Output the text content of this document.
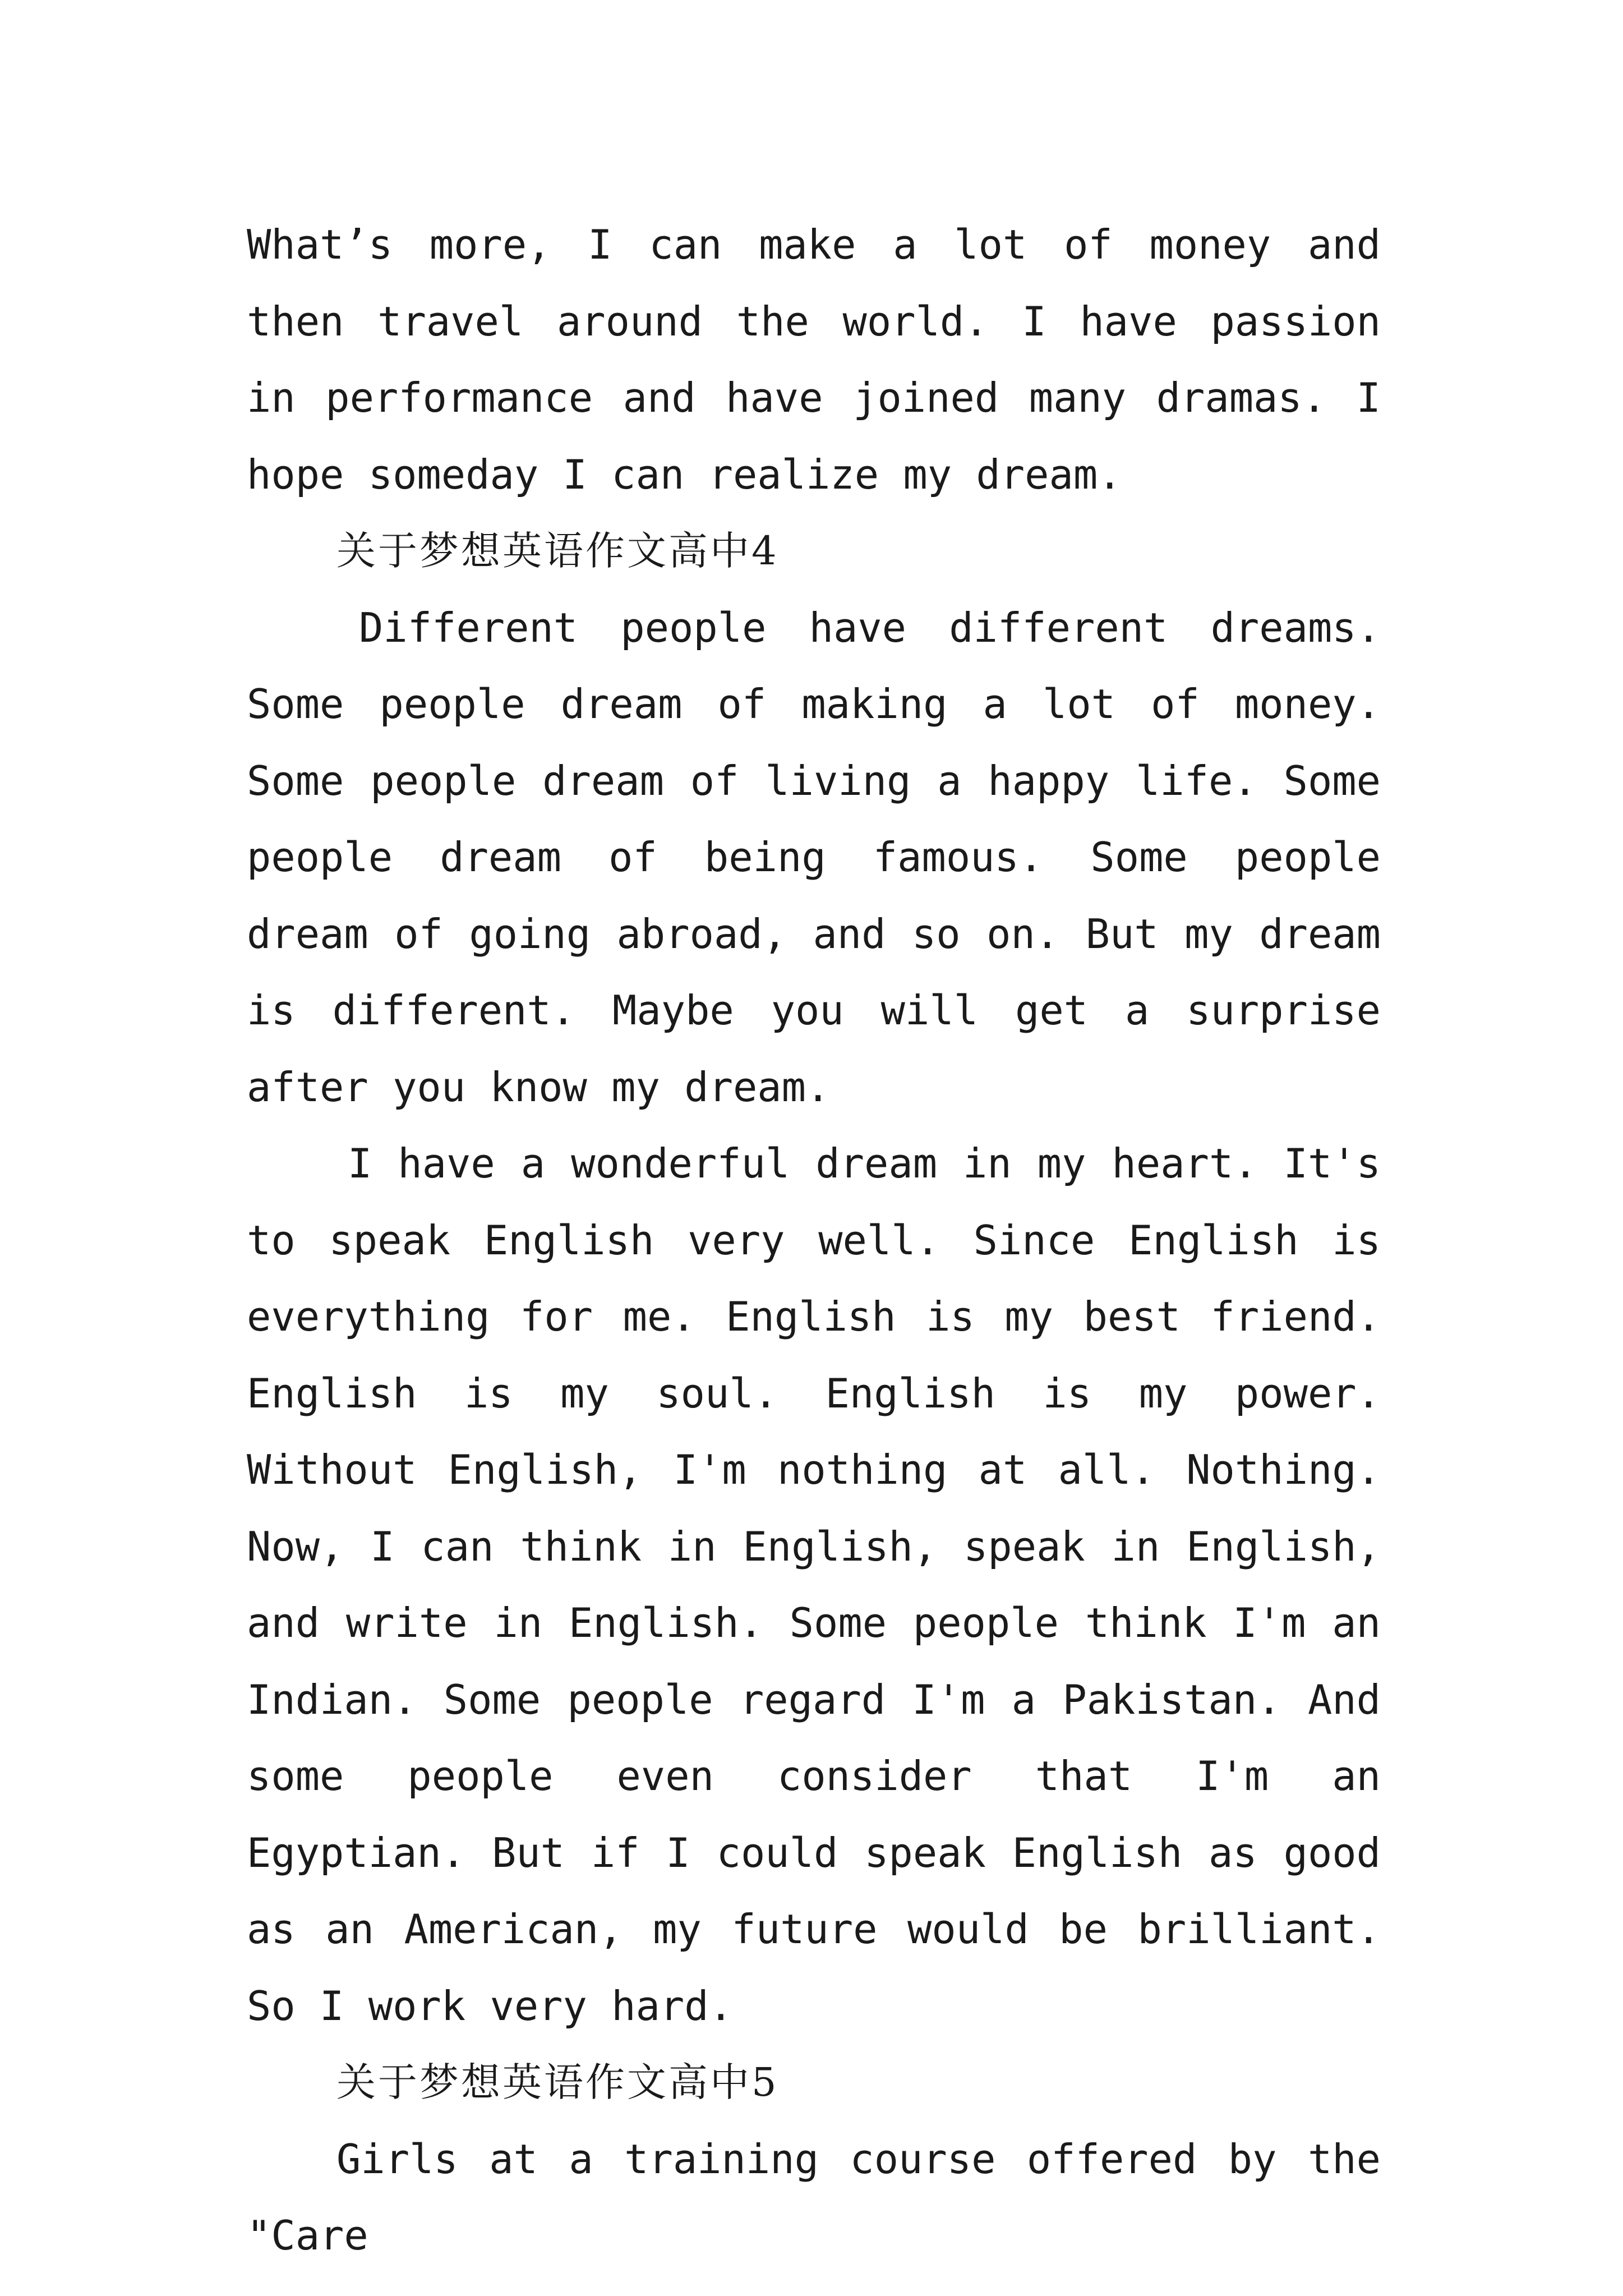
What’s more, I can make a lot of money and then travel around the world. I have passion in performance and have joined many dramas. I hope someday I can realize my dream.

关于梦想英语作文高中4

Different people have different dreams. Some people dream of making a lot of money. Some people dream of living a happy life. Some people dream of being famous. Some people dream of going abroad, and so on. But my dream is different. Maybe you will get a surprise after you know my dream.

I have a wonderful dream in my heart. It's to speak English very well. Since English is everything for me. English is my best friend. English is my soul. English is my power. Without English, I'm nothing at all. Nothing. Now, I can think in English, speak in English, and write in English. Some people think I'm an Indian. Some people regard I'm a Pakistan. And some people even consider that I'm an Egyptian. But if I could speak English as good as an American, my future would be brilliant. So I work very hard.

关于梦想英语作文高中5

Girls at a training course offered by the "Care
